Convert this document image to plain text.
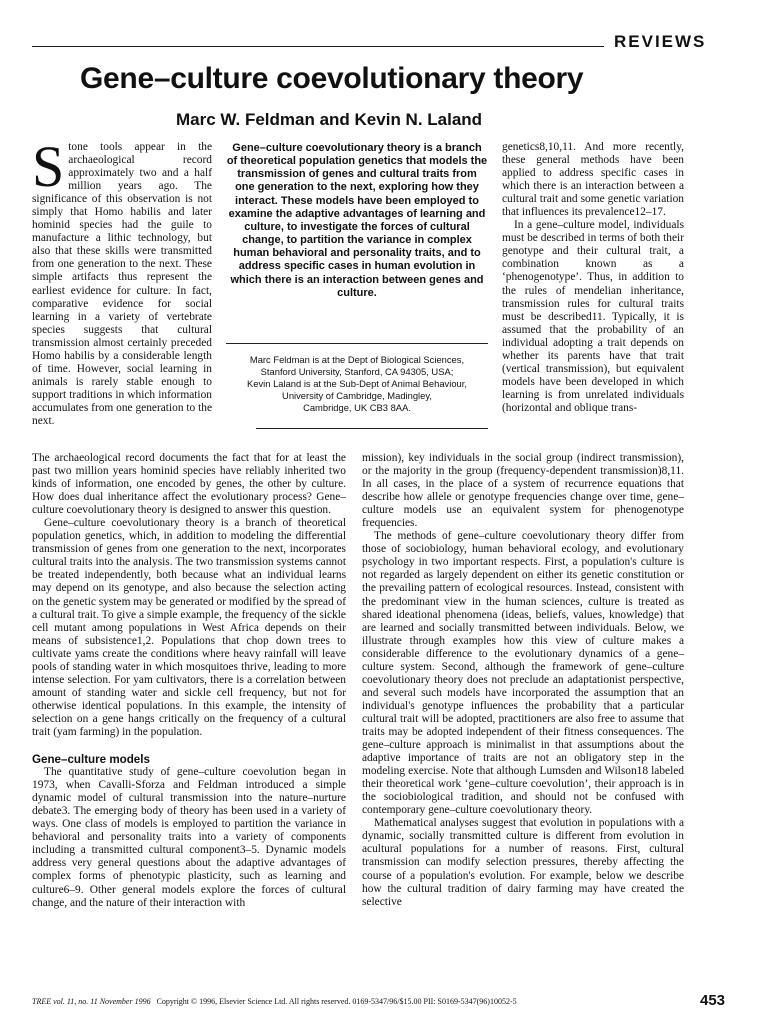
REVIEWS
Gene–culture coevolutionary theory
Marc W. Feldman and Kevin N. Laland
Stone tools appear in the archaeological record approximately two and a half million years ago. The significance of this observation is not simply that Homo habilis and later hominid species had the guile to manufacture a lithic technology, but also that these skills were transmitted from one generation to the next. These simple artifacts thus represent the earliest evidence for culture. In fact, comparative evidence for social learning in a variety of vertebrate species suggests that cultural transmission almost certainly preceded Homo habilis by a considerable length of time. However, social learning in animals is rarely stable enough to support traditions in which information accumulates from one generation to the next.
Gene–culture coevolutionary theory is a branch of theoretical population genetics that models the transmission of genes and cultural traits from one generation to the next, exploring how they interact. These models have been employed to examine the adaptive advantages of learning and culture, to investigate the forces of cultural change, to partition the variance in complex human behavioral and personality traits, and to address specific cases in human evolution in which there is an interaction between genes and culture.
Marc Feldman is at the Dept of Biological Sciences,
Stanford University, Stanford, CA 94305, USA;
Kevin Laland is at the Sub-Dept of Animal Behaviour,
University of Cambridge, Madingley,
Cambridge, UK CB3 8AA.

genetics8,10,11. And more recently, these general methods have been applied to address specific cases in which there is an interaction between a cultural trait and some genetic variation that influences its prevalence12–17.

In a gene–culture model, individuals must be described in terms of both their genotype and their cultural trait, a combination known as a ‘phenogenotype’. Thus, in addition to the rules of mendelian inheritance, transmission rules for cultural traits must be described11. Typically, it is assumed that the probability of an individual adopting a trait depends on whether its parents have that trait (vertical transmission), but equivalent models have been developed in which learning is from unrelated individuals (horizontal and oblique trans-

The archaeological record documents the fact that for at least the past two million years hominid species have reliably inherited two kinds of information, one encoded by genes, the other by culture. How does dual inheritance affect the evolutionary process? Gene–culture coevolutionary theory is designed to answer this question.

Gene–culture coevolutionary theory is a branch of theoretical population genetics, which, in addition to modeling the differential transmission of genes from one generation to the next, incorporates cultural traits into the analysis. The two transmission systems cannot be treated independently, both because what an individual learns may depend on its genotype, and also because the selection acting on the genetic system may be generated or modified by the spread of a cultural trait. To give a simple example, the frequency of the sickle cell mutant among populations in West Africa depends on their means of subsistence1,2. Populations that chop down trees to cultivate yams create the conditions where heavy rainfall will leave pools of standing water in which mosquitoes thrive, leading to more intense selection. For yam cultivators, there is a correlation between amount of standing water and sickle cell frequency, but not for otherwise identical populations. In this example, the intensity of selection on a gene hangs critically on the frequency of a cultural trait (yam farming) in the population.

Gene–culture models

The quantitative study of gene–culture coevolution began in 1973, when Cavalli-Sforza and Feldman introduced a simple dynamic model of cultural transmission into the nature–nurture debate3. The emerging body of theory has been used in a variety of ways. One class of models is employed to partition the variance in behavioral and personality traits into a variety of components including a transmitted cultural component3–5. Dynamic models address very general questions about the adaptive advantages of complex forms of phenotypic plasticity, such as learning and culture6–9. Other general models explore the forces of cultural change, and the nature of their interaction with

mission), key individuals in the social group (indirect transmission), or the majority in the group (frequency-dependent transmission)8,11. In all cases, in the place of a system of recurrence equations that describe how allele or genotype frequencies change over time, gene–culture models use an equivalent system for phenogenotype frequencies.

The methods of gene–culture coevolutionary theory differ from those of sociobiology, human behavioral ecology, and evolutionary psychology in two important respects. First, a population's culture is not regarded as largely dependent on either its genetic constitution or the prevailing pattern of ecological resources. Instead, consistent with the predominant view in the human sciences, culture is treated as shared ideational phenomena (ideas, beliefs, values, knowledge) that are learned and socially transmitted between individuals. Below, we illustrate through examples how this view of culture makes a considerable difference to the evolutionary dynamics of a gene–culture system. Second, although the framework of gene–culture coevolutionary theory does not preclude an adaptationist perspective, and several such models have incorporated the assumption that an individual's genotype influences the probability that a particular cultural trait will be adopted, practitioners are also free to assume that traits may be adopted independent of their fitness consequences. The gene–culture approach is minimalist in that assumptions about the adaptive importance of traits are not an obligatory step in the modeling exercise. Note that although Lumsden and Wilson18 labeled their theoretical work ‘gene–culture coevolution’, their approach is in the sociobiological tradition, and should not be confused with contemporary gene–culture coevolutionary theory.

Mathematical analyses suggest that evolution in populations with a dynamic, socially transmitted culture is different from evolution in acultural populations for a number of reasons. First, cultural transmission can modify selection pressures, thereby affecting the course of a population's evolution. For example, below we describe how the cultural tradition of dairy farming may have created the selective

TREE vol. 11, no. 11 November 1996 Copyright © 1996, Elsevier Science Ltd. All rights reserved. 0169-5347/96/$15.00 PII: S0169-5347(96)10052-5	453
